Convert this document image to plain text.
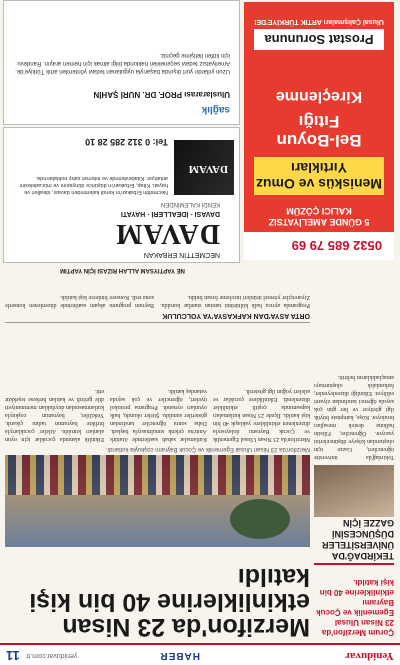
Yeniduvar
HABER
yeniduvar.com.tr
11
Merzifon'da 23 Nisan etkinliklerine 40 bin kişi katıldı
Çorum Merzifon'da 23 Nisan Ulusal Egemenlik ve Çocuk Bayramı etkinliklerine 40 bin kişi katıldı.
Merzifon'da 23 Nisan Ulusal Egemenlik ve Çocuk Bayramı coşkuyla kutlandı.
Merzifon'da 23 Nisan Ulusal Egemenlik ve Çocuk Bayramı dolayısıyla düzenlenen etkinliklere yaklaşık 40 bin kişi katıldı. İlçede 23 Nisan kutlamaları kapsamında çeşitli etkinlikler düzenlendi. Etkinliklere çocuklar ve aileleri yoğun ilgi gösterdi.
Kutlamalar sabah saatlerinde Atatürk Anıtı'na çelenk sunulmasıyla başladı. Daha sonra öğrenciler tarafından gösteriler sunuldu. Şiirler okundu, halk oyunları oynandı. Programa protokol üyeleri, öğrenciler ve çok sayıda vatandaş katıldı.
Etkinlik alanında çocuklar için oyun alanları kuruldu. Aileler çocuklarıyla birlikte bayramın tadını çıkardı. Yetkililer, bayramın coşkuyla kutlanmasından duydukları memnuniyeti dile getirdi ve katılan herkese teşekkür etti.
TEKİRDAĞ'DA ÜNİVERSİTELER DÜŞÜNCESİNİ GAZZE İÇİN
Tekirdağ'da üniversite öğrencileri, Gazze için oluşturulan köşeye düşüncelerini yazıyor. Öğrenciler, Filistin halkına destek mesajları bırakıyor. Köşe, kampüste büyük ilgi görüyor ve her gün çok sayıda öğrenci tarafından ziyaret ediliyor. Etkinliği düzenleyenler, farkındalık oluşturmayı amaçladıklarını belirtti.
ORTA ASYA'DAN KAFKASYA'YA YOLCULUK
Programda ayrıca halk kültürünü tanıtan stantlar kuruldu. Ziyaretçiler yöresel ürünleri inceleme fırsatı buldu.
Bayram programı akşam saatlerinde düzenlenen konserle sona erdi. Konsere binlerce kişi katıldı.
NE YAPTIYSAM ALLAH RIZASI İÇİN YAPTIM
NECMETTİN ERBAKAN
DAVAM
DAVASI · İDEALLERİ · HAYATI
KENDİ KALEMİNDEN
DAVAM
Necmettin Erbakan'ın kendi kaleminden davası, idealleri ve hayatı. Kitap, Erbakan'ın düşünce dünyasını ve mücadelesini anlatıyor. Kitabevlerinde ve internet satış noktalarında.
Tel: 0 312 285 28 10
0532 685 79 69
5 GÜNDE AMELİYATSIZ KALICI ÇÖZÜM
Menisküs ve Omuz Yırtıkları
Bel-Boyun Fıtığı
Kireçlenme
Prostat Sorununa
Ulusal Çalışmaları ARTIK TÜRKİYE'DE!
sağlık
Uluslararası PROF. DR. NURİ ŞAHİN
Uzun yıllardır yurt dışında başarıyla uygulanan tedavi yöntemleri artık Türkiye'de. Ameliyatsız tedavi seçenekleri hakkında bilgi almak için hemen arayın. Randevu için lütfen iletişime geçiniz.
